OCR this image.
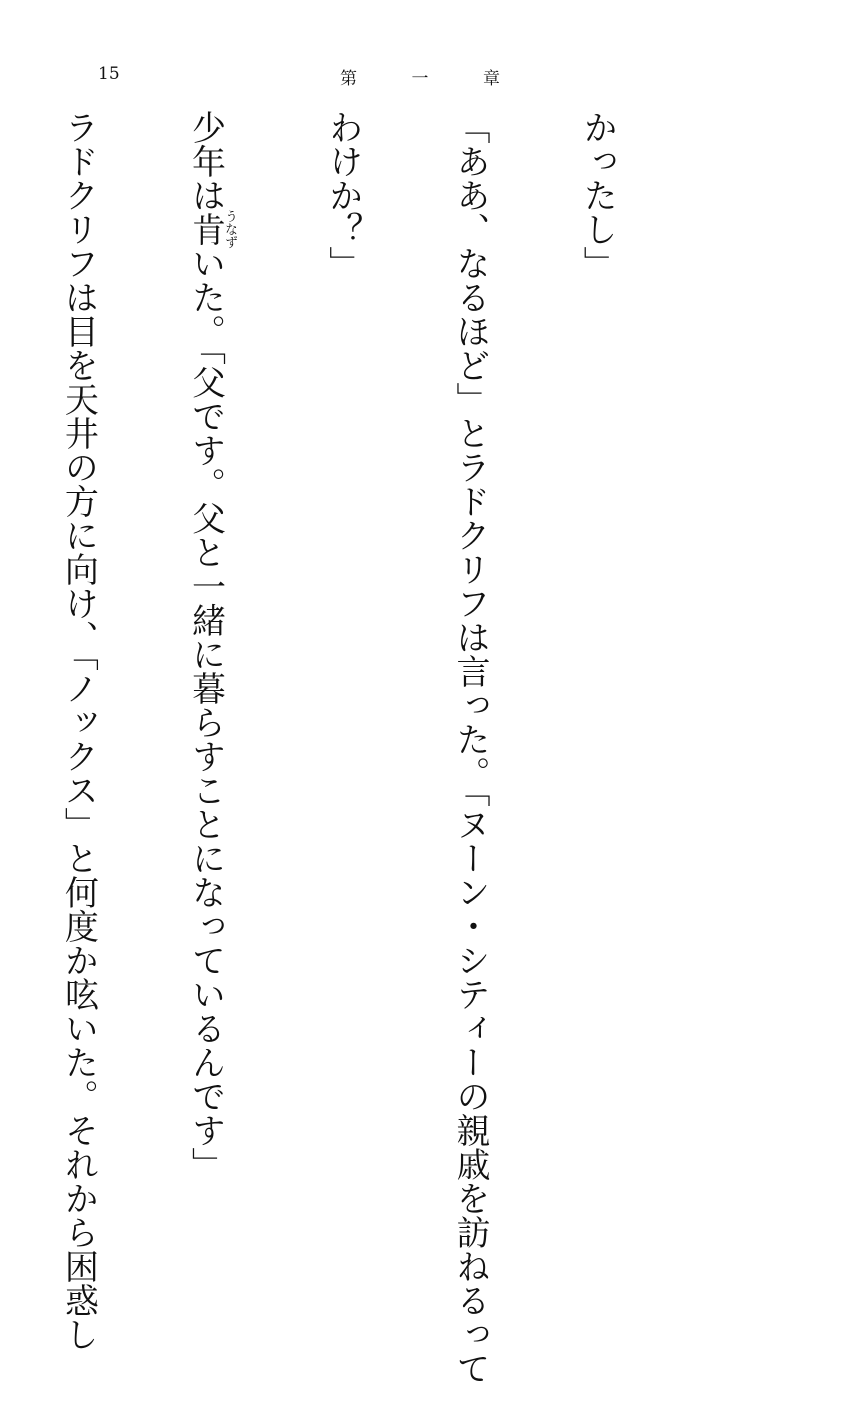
15	第	一	章

かったし」

「ああ、なるほど」とラドクリフは言った。「ヌーン・シティーの親戚を訪ねるって

わけか？」

少年は肯うなずいた。「父です。父と一緒に暮らすことになっているんです」

ラドクリフは目を天井の方に向け、「ノックス」と何度か呟いた。それから困惑し
